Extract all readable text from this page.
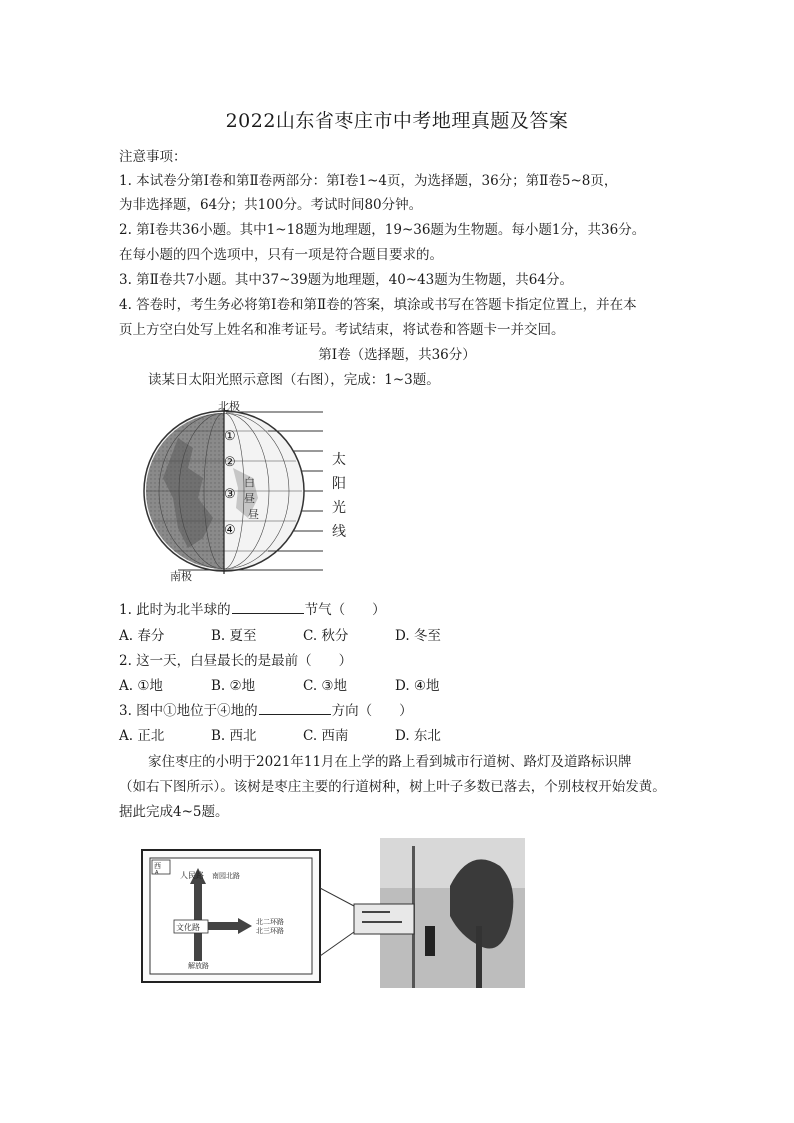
2022山东省枣庄市中考地理真题及答案
注意事项：
1. 本试卷分第Ⅰ卷和第Ⅱ卷两部分：第Ⅰ卷1~4页，为选择题，36分；第Ⅱ卷5~8页，
为非选择题，64分；共100分。考试时间80分钟。
2. 第Ⅰ卷共36小题。其中1~18题为地理题，19~36题为生物题。每小题1分，共36分。
在每小题的四个选项中，只有一项是符合题目要求的。
3. 第Ⅱ卷共7小题。其中37~39题为地理题，40~43题为生物题，共64分。
4. 答卷时，考生务必将第Ⅰ卷和第Ⅱ卷的答案，填涂或书写在答题卡指定位置上，并在本
页上方空白处写上姓名和准考证号。考试结束，将试卷和答题卡一并交回。
第Ⅰ卷（选择题，共36分）
读某日太阳光照示意图（右图），完成：1~3题。
北极
南极
太
阳
光
线
①
②
③
④
白
昼
昼
1. 此时为北半球的	节气（　　）
A. 春分	B. 夏至	C. 秋分	D. 冬至
2. 这一天，白昼最长的是最前（　　）
A. ①地	B. ②地	C. ③地	D. ④地
3. 图中①地位于④地的	方向（　　）
A. 正北	B. 西北	C. 西南	D. 东北
家住枣庄的小明于2021年11月在上学的路上看到城市行道树、路灯及道路标识牌
（如右下图所示）。该树是枣庄主要的行道树种，树上叶子多数已落去，个别枝杈开始发黄。
据此完成4~5题。
西
A	人民路 南园北路
文化路
北二环路
北三环路
解放路
